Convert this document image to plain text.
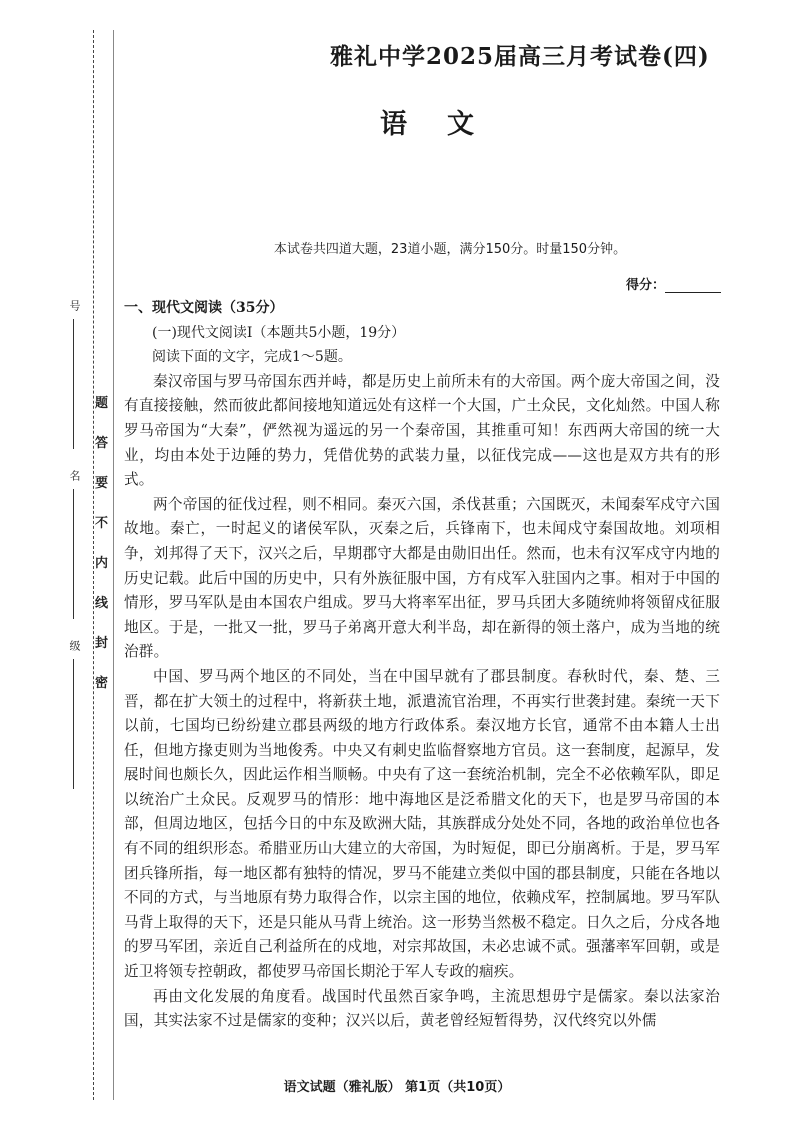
号
名
级
题
答
要
不
内
线
封
密
雅礼中学2025届高三月考试卷(四)
语文
本试卷共四道大题，23道小题，满分150分。时量150分钟。
得分：
一、现代文阅读（35分）
(一)现代文阅读Ⅰ（本题共5小题，19分）
阅读下面的文字，完成1～5题。

秦汉帝国与罗马帝国东西并峙，都是历史上前所未有的大帝国。两个庞大帝国之间，没有直接接触，然而彼此都间接地知道远处有这样一个大国，广土众民，文化灿然。中国人称罗马帝国为“大秦”，俨然视为遥远的另一个秦帝国，其推重可知！东西两大帝国的统一大业，均由本处于边陲的势力，凭借优势的武装力量，以征伐完成——这也是双方共有的形式。

两个帝国的征伐过程，则不相同。秦灭六国，杀伐甚重；六国既灭，未闻秦军戍守六国故地。秦亡，一时起义的诸侯军队，灭秦之后，兵锋南下，也未闻戍守秦国故地。刘项相争，刘邦得了天下，汉兴之后，早期郡守大都是由勋旧出任。然而，也未有汉军戍守内地的历史记载。此后中国的历史中，只有外族征服中国，方有戍军入驻国内之事。相对于中国的情形，罗马军队是由本国农户组成。罗马大将率军出征，罗马兵团大多随统帅将领留戍征服地区。于是，一批又一批，罗马子弟离开意大利半岛，却在新得的领土落户，成为当地的统治群。

中国、罗马两个地区的不同处，当在中国早就有了郡县制度。春秋时代，秦、楚、三晋，都在扩大领土的过程中，将新获土地，派遣流官治理，不再实行世袭封建。秦统一天下以前，七国均已纷纷建立郡县两级的地方行政体系。秦汉地方长官，通常不由本籍人士出任，但地方掾吏则为当地俊秀。中央又有刺史监临督察地方官员。这一套制度，起源早，发展时间也颇长久，因此运作相当顺畅。中央有了这一套统治机制，完全不必依赖军队，即足以统治广土众民。反观罗马的情形：地中海地区是泛希腊文化的天下，也是罗马帝国的本部，但周边地区，包括今日的中东及欧洲大陆，其族群成分处处不同，各地的政治单位也各有不同的组织形态。希腊亚历山大建立的大帝国，为时短促，即已分崩离析。于是，罗马军团兵锋所指，每一地区都有独特的情况，罗马不能建立类似中国的郡县制度，只能在各地以不同的方式，与当地原有势力取得合作，以宗主国的地位，依赖戍军，控制属地。罗马军队马背上取得的天下，还是只能从马背上统治。这一形势当然极不稳定。日久之后，分戍各地的罗马军团，亲近自己利益所在的戍地，对宗邦故国，未必忠诚不贰。强藩率军回朝，或是近卫将领专控朝政，都使罗马帝国长期沦于军人专政的痼疾。

再由文化发展的角度看。战国时代虽然百家争鸣，主流思想毋宁是儒家。秦以法家治国，其实法家不过是儒家的变种；汉兴以后，黄老曾经短暂得势，汉代终究以外儒

语文试题（雅礼版） 第1页（共10页）
